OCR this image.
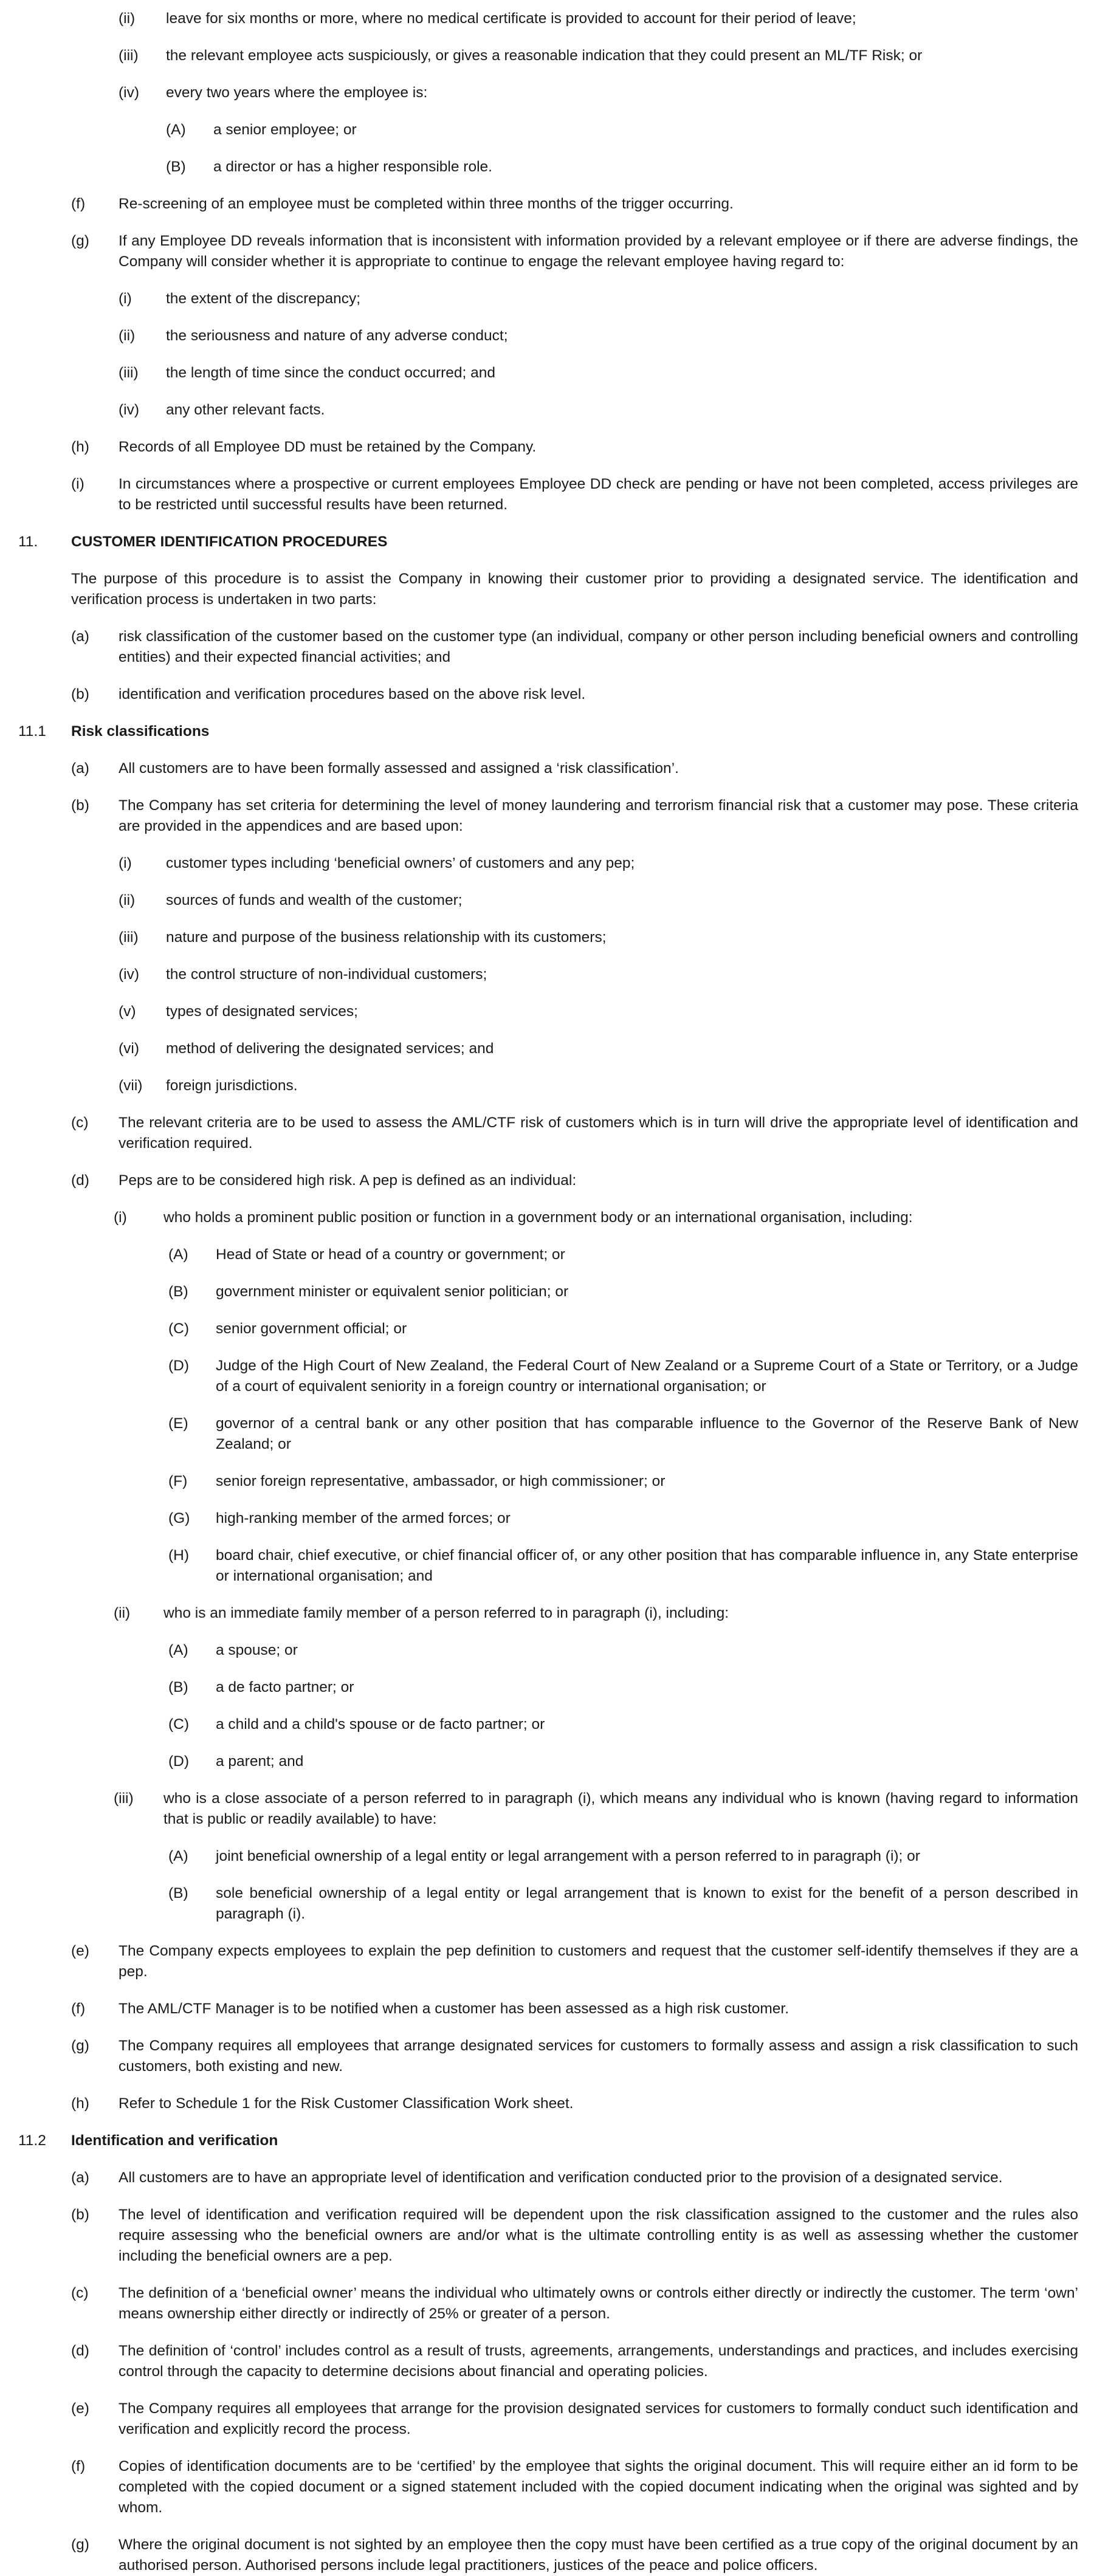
(ii)	leave for six months or more, where no medical certificate is provided to account for their period of leave;
(iii)	the relevant employee acts suspiciously, or gives a reasonable indication that they could present an ML/TF Risk; or
(iv)	every two years where the employee is:
(A)	a senior employee; or
(B)	a director or has a higher responsible role.
(f)	Re-screening of an employee must be completed within three months of the trigger occurring.
(g)	If any Employee DD reveals information that is inconsistent with information provided by a relevant employee or if there are adverse findings, the Company will consider whether it is appropriate to continue to engage the relevant employee having regard to:
(i)	the extent of the discrepancy;
(ii)	the seriousness and nature of any adverse conduct;
(iii)	the length of time since the conduct occurred; and
(iv)	any other relevant facts.
(h)	Records of all Employee DD must be retained by the Company.
(i)	In circumstances where a prospective or current employees Employee DD check are pending or have not been completed, access privileges are to be restricted until successful results have been returned.
11.	CUSTOMER IDENTIFICATION PROCEDURES
The purpose of this procedure is to assist the Company in knowing their customer prior to providing a designated service. The identification and verification process is undertaken in two parts:
(a)	risk classification of the customer based on the customer type (an individual, company or other person including beneficial owners and controlling entities) and their expected financial activities; and
(b)	identification and verification procedures based on the above risk level.
11.1	Risk classifications
(a)	All customers are to have been formally assessed and assigned a ‘risk classification’.
(b)	The Company has set criteria for determining the level of money laundering and terrorism financial risk that a customer may pose. These criteria are provided in the appendices and are based upon:
(i)	customer types including ‘beneficial owners’ of customers and any pep;
(ii)	sources of funds and wealth of the customer;
(iii)	nature and purpose of the business relationship with its customers;
(iv)	the control structure of non-individual customers;
(v)	types of designated services;
(vi)	method of delivering the designated services; and
(vii)	foreign jurisdictions.
(c)	The relevant criteria are to be used to assess the AML/CTF risk of customers which is in turn will drive the appropriate level of identification and verification required.
(d)	Peps are to be considered high risk. A pep is defined as an individual:
(i)	who holds a prominent public position or function in a government body or an international organisation, including:
(A)	Head of State or head of a country or government; or
(B)	government minister or equivalent senior politician; or
(C)	senior government official; or
(D)	Judge of the High Court of New Zealand, the Federal Court of New Zealand or a Supreme Court of a State or Territory, or a Judge of a court of equivalent seniority in a foreign country or international organisation; or
(E)	governor of a central bank or any other position that has comparable influence to the Governor of the Reserve Bank of New Zealand; or
(F)	senior foreign representative, ambassador, or high commissioner; or
(G)	high-ranking member of the armed forces; or
(H)	board chair, chief executive, or chief financial officer of, or any other position that has comparable influence in, any State enterprise or international organisation; and
(ii)	who is an immediate family member of a person referred to in paragraph (i), including:
(A)	a spouse; or
(B)	a de facto partner; or
(C)	a child and a child's spouse or de facto partner; or
(D)	a parent; and
(iii)	who is a close associate of a person referred to in paragraph (i), which means any individual who is known (having regard to information that is public or readily available) to have:
(A)	joint beneficial ownership of a legal entity or legal arrangement with a person referred to in paragraph (i); or
(B)	sole beneficial ownership of a legal entity or legal arrangement that is known to exist for the benefit of a person described in paragraph (i).
(e)	The Company expects employees to explain the pep definition to customers and request that the customer self-identify themselves if they are a pep.
(f)	The AML/CTF Manager is to be notified when a customer has been assessed as a high risk customer.
(g)	The Company requires all employees that arrange designated services for customers to formally assess and assign a risk classification to such customers, both existing and new.
(h)	Refer to Schedule 1 for the Risk Customer Classification Work sheet.
11.2	Identification and verification
(a)	All customers are to have an appropriate level of identification and verification conducted prior to the provision of a designated service.
(b)	The level of identification and verification required will be dependent upon the risk classification assigned to the customer and the rules also require assessing who the beneficial owners are and/or what is the ultimate controlling entity is as well as assessing whether the customer including the beneficial owners are a pep.
(c)	The definition of a ‘beneficial owner’ means the individual who ultimately owns or controls either directly or indirectly the customer. The term ‘own’ means ownership either directly or indirectly of 25% or greater of a person.
(d)	The definition of ‘control’ includes control as a result of trusts, agreements, arrangements, understandings and practices, and includes exercising control through the capacity to determine decisions about financial and operating policies.
(e)	The Company requires all employees that arrange for the provision designated services for customers to formally conduct such identification and verification and explicitly record the process.
(f)	Copies of identification documents are to be ‘certified’ by the employee that sights the original document. This will require either an id form to be completed with the copied document or a signed statement included with the copied document indicating when the original was sighted and by whom.
(g)	Where the original document is not sighted by an employee then the copy must have been certified as a true copy of the original document by an authorised person. Authorised persons include legal practitioners, justices of the peace and police officers.
